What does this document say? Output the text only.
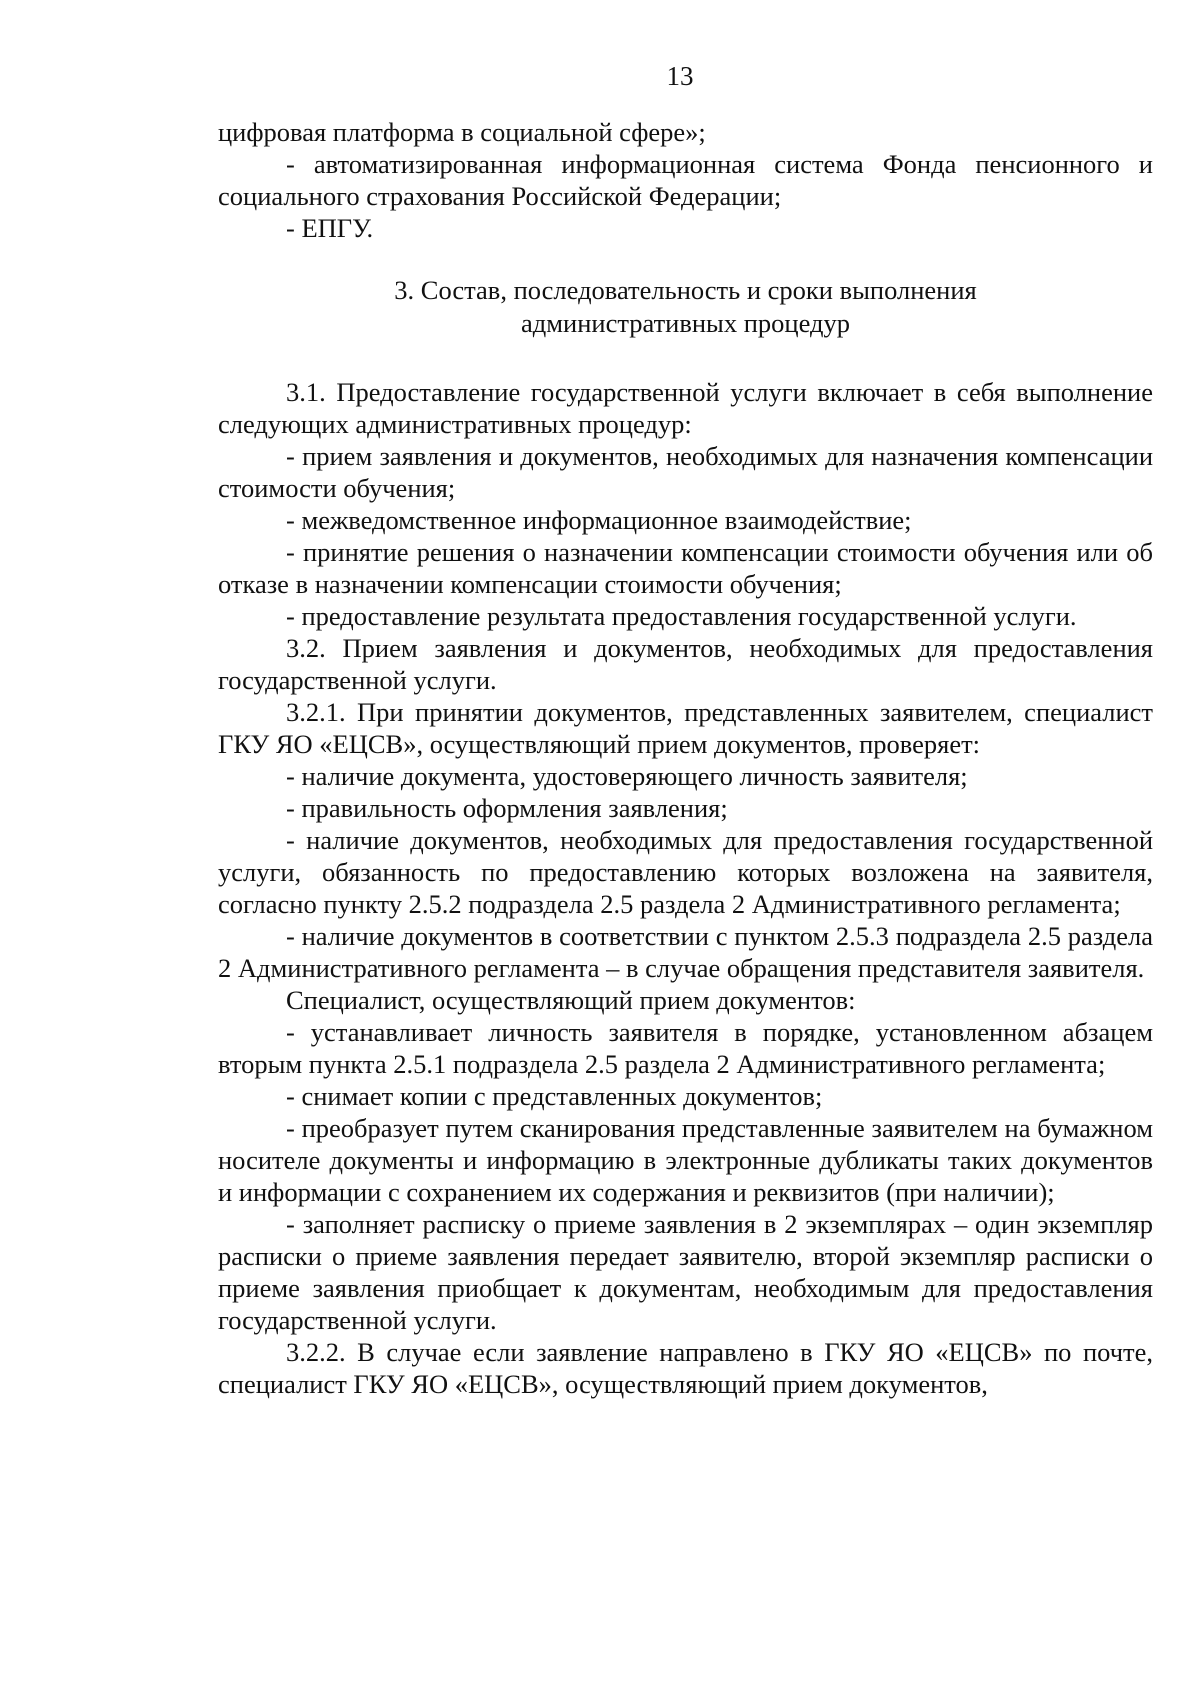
13

цифровая платформа в социальной сфере»;

- автоматизированная информационная система Фонда пенсионного и социального страхования Российской Федерации;

- ЕПГУ.

3. Состав, последовательность и сроки выполнения
административных процедур

3.1. Предоставление государственной услуги включает в себя выполнение следующих административных процедур:

- прием заявления и документов, необходимых для назначения компенсации стоимости обучения;

- межведомственное информационное взаимодействие;

- принятие решения о назначении компенсации стоимости обучения или об отказе в назначении компенсации стоимости обучения;

- предоставление результата предоставления государственной услуги.

3.2. Прием заявления и документов, необходимых для предоставления государственной услуги.

3.2.1. При принятии документов, представленных заявителем, специалист ГКУ ЯО «ЕЦСВ», осуществляющий прием документов, проверяет:

- наличие документа, удостоверяющего личность заявителя;

- правильность оформления заявления;

- наличие документов, необходимых для предоставления государственной услуги, обязанность по предоставлению которых возложена на заявителя, согласно пункту 2.5.2 подраздела 2.5 раздела 2 Административного регламента;

- наличие документов в соответствии с пунктом 2.5.3 подраздела 2.5 раздела 2 Административного регламента – в случае обращения представителя заявителя.

Специалист, осуществляющий прием документов:

- устанавливает личность заявителя в порядке, установленном абзацем вторым пункта 2.5.1 подраздела 2.5 раздела 2 Административного регламента;

- снимает копии с представленных документов;

- преобразует путем сканирования представленные заявителем на бумажном носителе документы и информацию в электронные дубликаты таких документов и информации с сохранением их содержания и реквизитов (при наличии);

- заполняет расписку о приеме заявления в 2 экземплярах – один экземпляр расписки о приеме заявления передает заявителю, второй экземпляр расписки о приеме заявления приобщает к документам, необходимым для предоставления государственной услуги.

3.2.2. В случае если заявление направлено в ГКУ ЯО «ЕЦСВ» по почте, специалист ГКУ ЯО «ЕЦСВ», осуществляющий прием документов,
